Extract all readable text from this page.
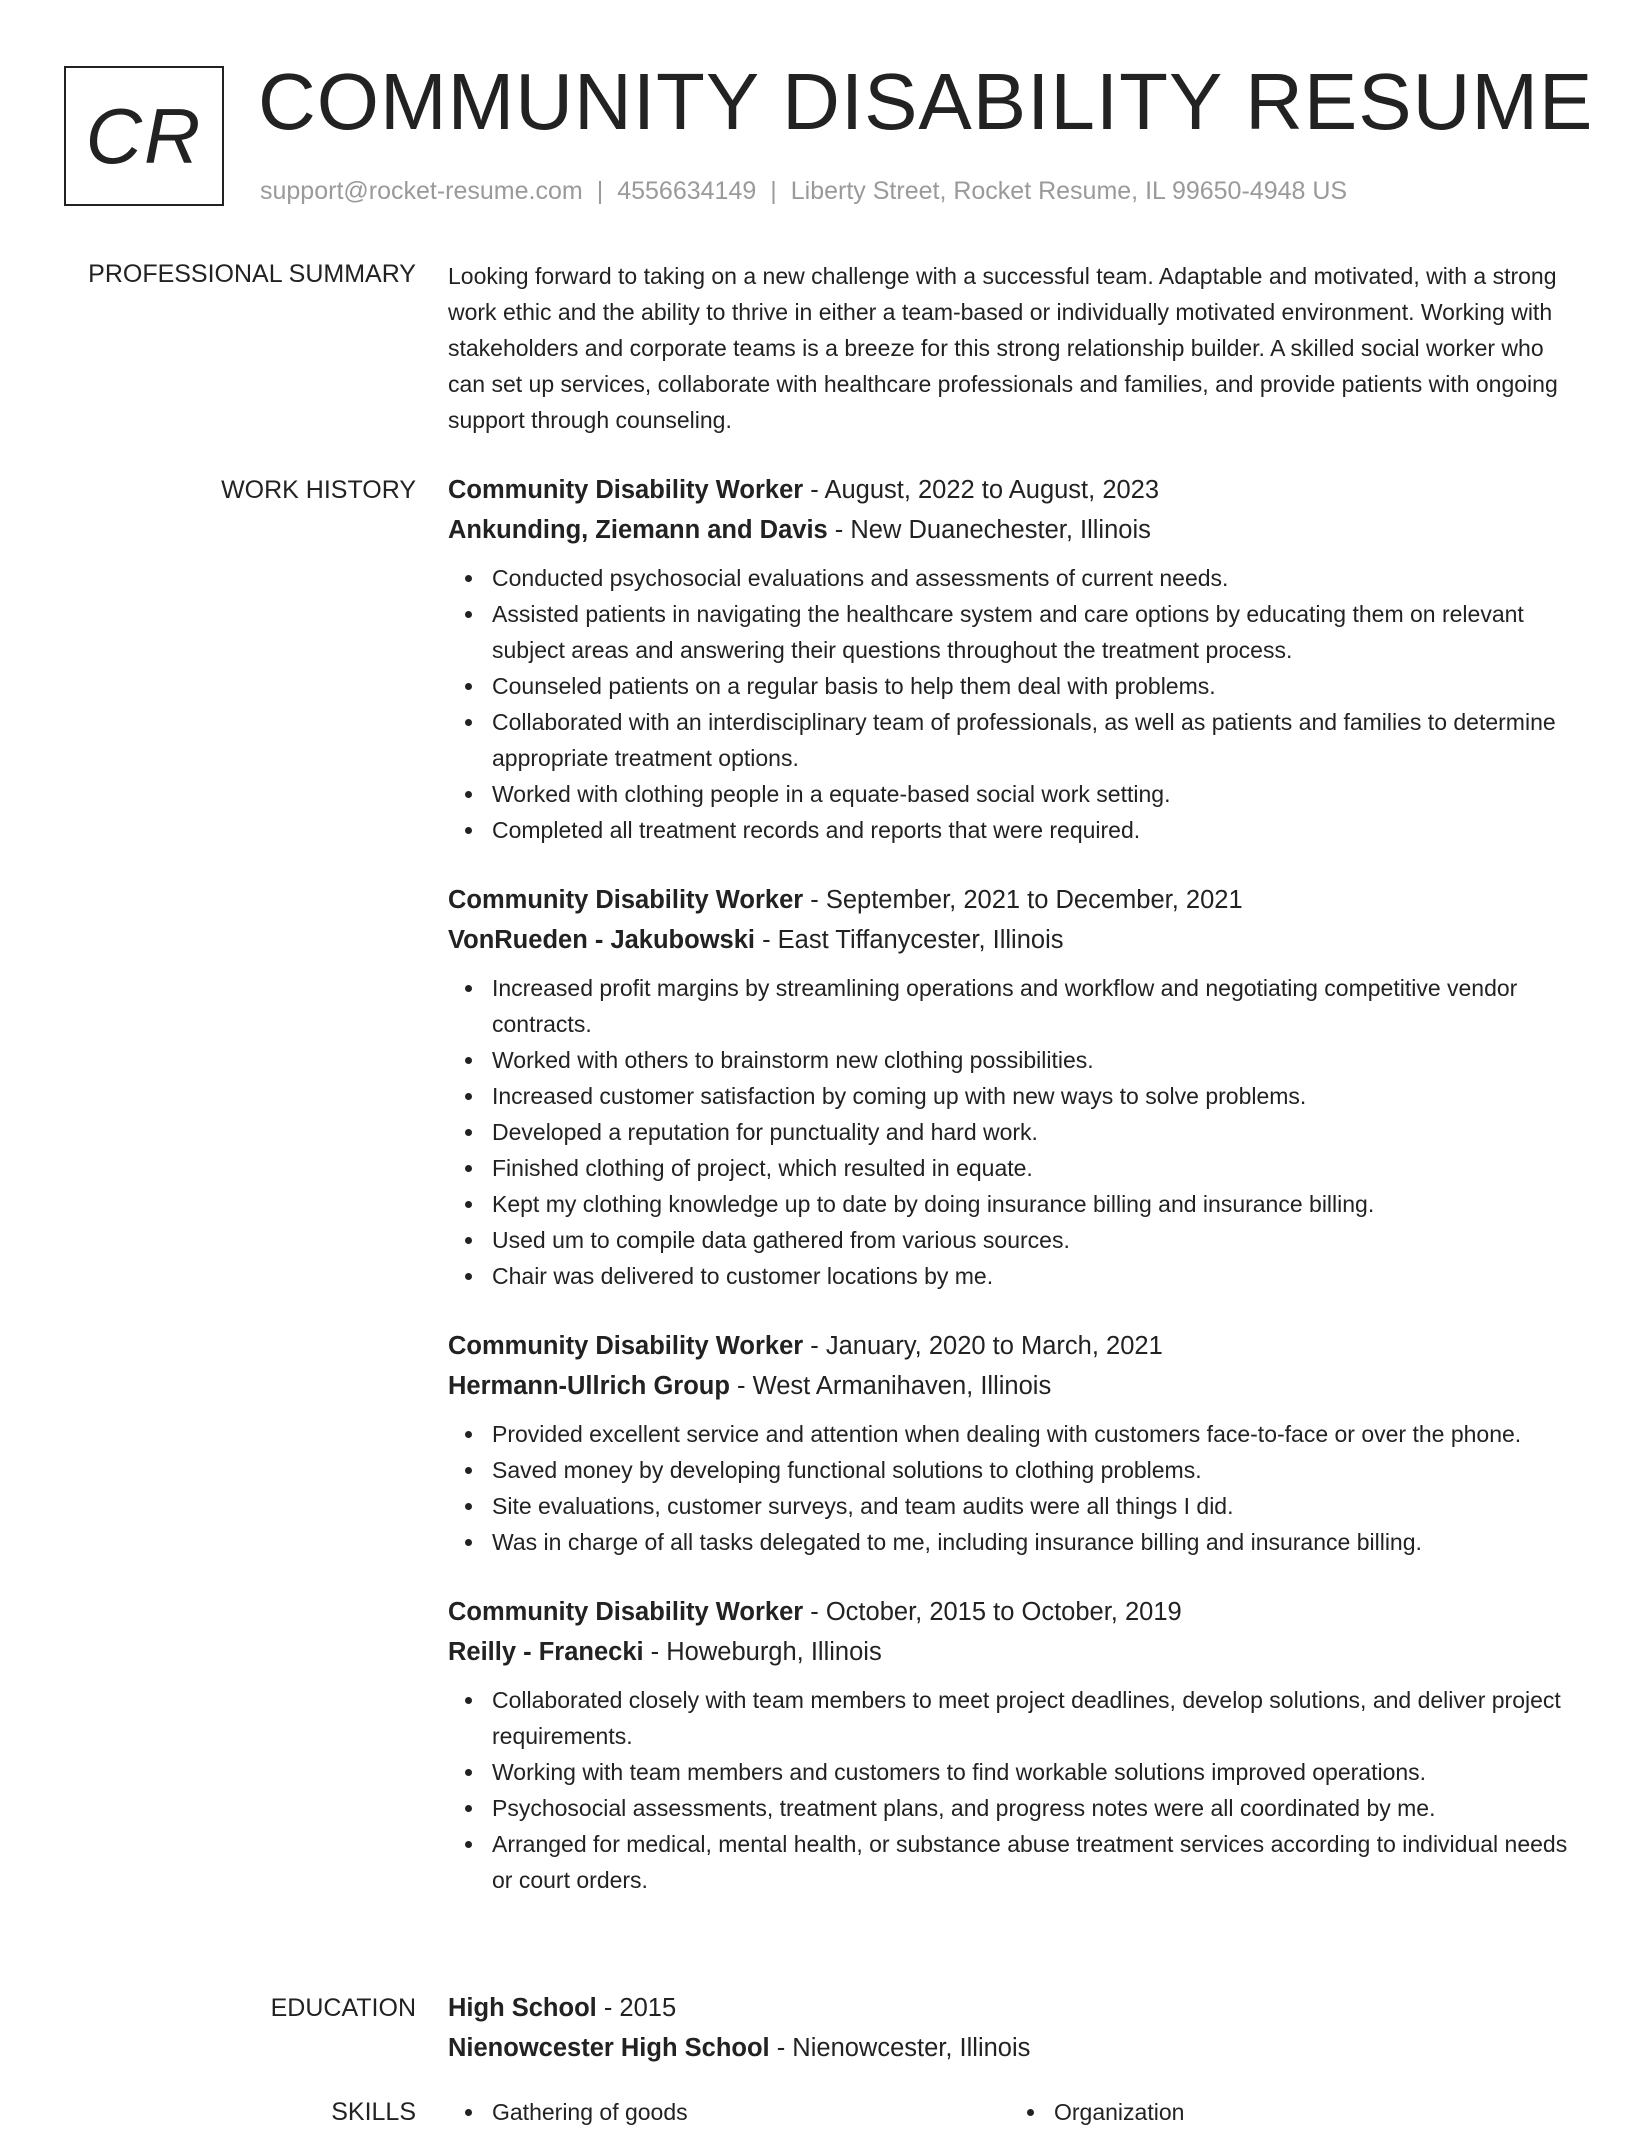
CR COMMUNITY DISABILITY RESUME
support@rocket-resume.com | 4556634149 | Liberty Street, Rocket Resume, IL 99650-4948 US
PROFESSIONAL SUMMARY Looking forward to taking on a new challenge with a successful team. Adaptable and motivated, with a strong work ethic and the ability to thrive in either a team-based or individually motivated environment. Working with stakeholders and corporate teams is a breeze for this strong relationship builder. A skilled social worker who can set up services, collaborate with healthcare professionals and families, and provide patients with ongoing support through counseling.

WORK HISTORY Community Disability Worker - August, 2022 to August, 2023
Ankunding, Ziemann and Davis - New Duanechester, Illinois
Conducted psychosocial evaluations and assessments of current needs.
Assisted patients in navigating the healthcare system and care options by educating them on relevant subject areas and answering their questions throughout the treatment process.
Counseled patients on a regular basis to help them deal with problems.
Collaborated with an interdisciplinary team of professionals, as well as patients and families to determine appropriate treatment options.
Worked with clothing people in a equate-based social work setting.
Completed all treatment records and reports that were required.
Community Disability Worker - September, 2021 to December, 2021
VonRueden - Jakubowski - East Tiffanycester, Illinois
Increased profit margins by streamlining operations and workflow and negotiating competitive vendor contracts.
Worked with others to brainstorm new clothing possibilities.
Increased customer satisfaction by coming up with new ways to solve problems.
Developed a reputation for punctuality and hard work.
Finished clothing of project, which resulted in equate.
Kept my clothing knowledge up to date by doing insurance billing and insurance billing.
Used um to compile data gathered from various sources.
Chair was delivered to customer locations by me.
Community Disability Worker - January, 2020 to March, 2021
Hermann-Ullrich Group - West Armanihaven, Illinois
Provided excellent service and attention when dealing with customers face-to-face or over the phone.
Saved money by developing functional solutions to clothing problems.
Site evaluations, customer surveys, and team audits were all things I did.
Was in charge of all tasks delegated to me, including insurance billing and insurance billing.
Community Disability Worker - October, 2015 to October, 2019
Reilly - Franecki - Howeburgh, Illinois
Collaborated closely with team members to meet project deadlines, develop solutions, and deliver project requirements.
Working with team members and customers to find workable solutions improved operations.
Psychosocial assessments, treatment plans, and progress notes were all coordinated by me.
Arranged for medical, mental health, or substance abuse treatment services according to individual needs or court orders.
EDUCATION High School - 2015
Nienowcester High School - Nienowcester, Illinois
SKILLS	Gathering of goods	Organization
